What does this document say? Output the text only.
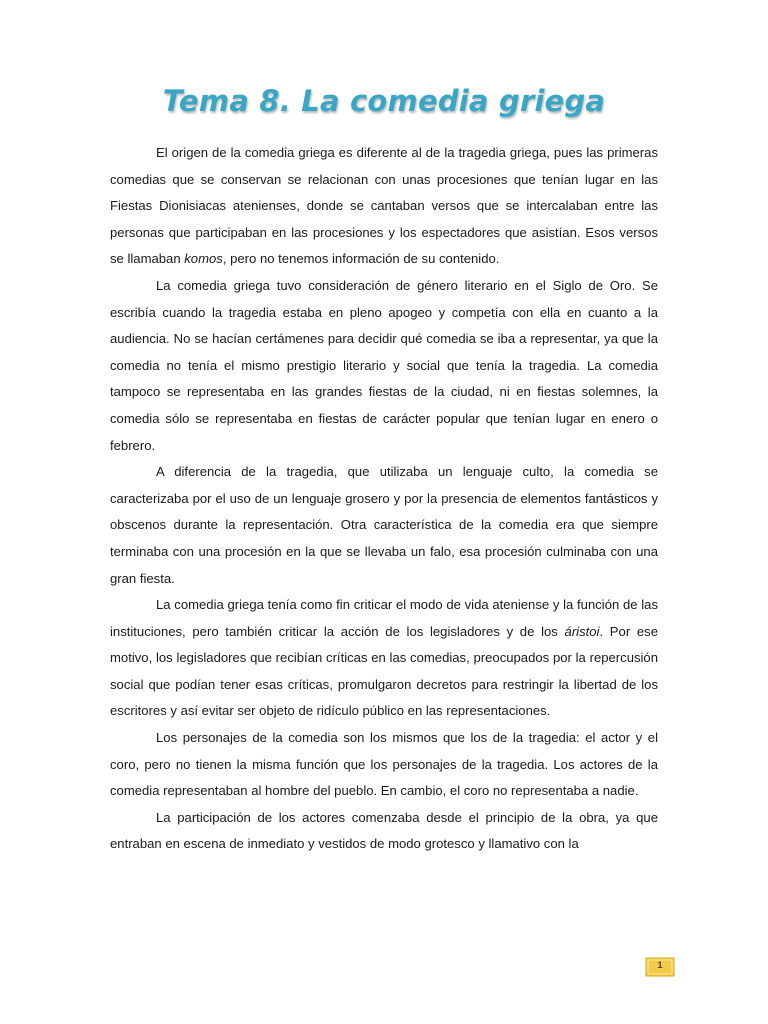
Tema 8. La comedia griega

El origen de la comedia griega es diferente al de la tragedia griega, pues las primeras comedias que se conservan se relacionan con unas procesiones que tenían lugar en las Fiestas Dionisiacas atenienses, donde se cantaban versos que se intercalaban entre las personas que participaban en las procesiones y los espectadores que asistían. Esos versos se llamaban komos, pero no tenemos información de su contenido.

La comedia griega tuvo consideración de género literario en el Siglo de Oro. Se escribía cuando la tragedia estaba en pleno apogeo y competía con ella en cuanto a la audiencia. No se hacían certámenes para decidir qué comedia se iba a representar, ya que la comedia no tenía el mismo prestigio literario y social que tenía la tragedia. La comedia tampoco se representaba en las grandes fiestas de la ciudad, ni en fiestas solemnes, la comedia sólo se representaba en fiestas de carácter popular que tenían lugar en enero o febrero.

A diferencia de la tragedia, que utilizaba un lenguaje culto, la comedia se caracterizaba por el uso de un lenguaje grosero y por la presencia de elementos fantásticos y obscenos durante la representación. Otra característica de la comedia era que siempre terminaba con una procesión en la que se llevaba un falo, esa procesión culminaba con una gran fiesta.

La comedia griega tenía como fin criticar el modo de vida ateniense y la función de las instituciones, pero también criticar la acción de los legisladores y de los áristoi. Por ese motivo, los legisladores que recibían críticas en las comedias, preocupados por la repercusión social que podían tener esas críticas, promulgaron decretos para restringir la libertad de los escritores y así evitar ser objeto de ridículo público en las representaciones.

Los personajes de la comedia son los mismos que los de la tragedia: el actor y el coro, pero no tienen la misma función que los personajes de la tragedia. Los actores de la comedia representaban al hombre del pueblo. En cambio, el coro no representaba a nadie.

La participación de los actores comenzaba desde el principio de la obra, ya que entraban en escena de inmediato y vestidos de modo grotesco y llamativo con la

1
